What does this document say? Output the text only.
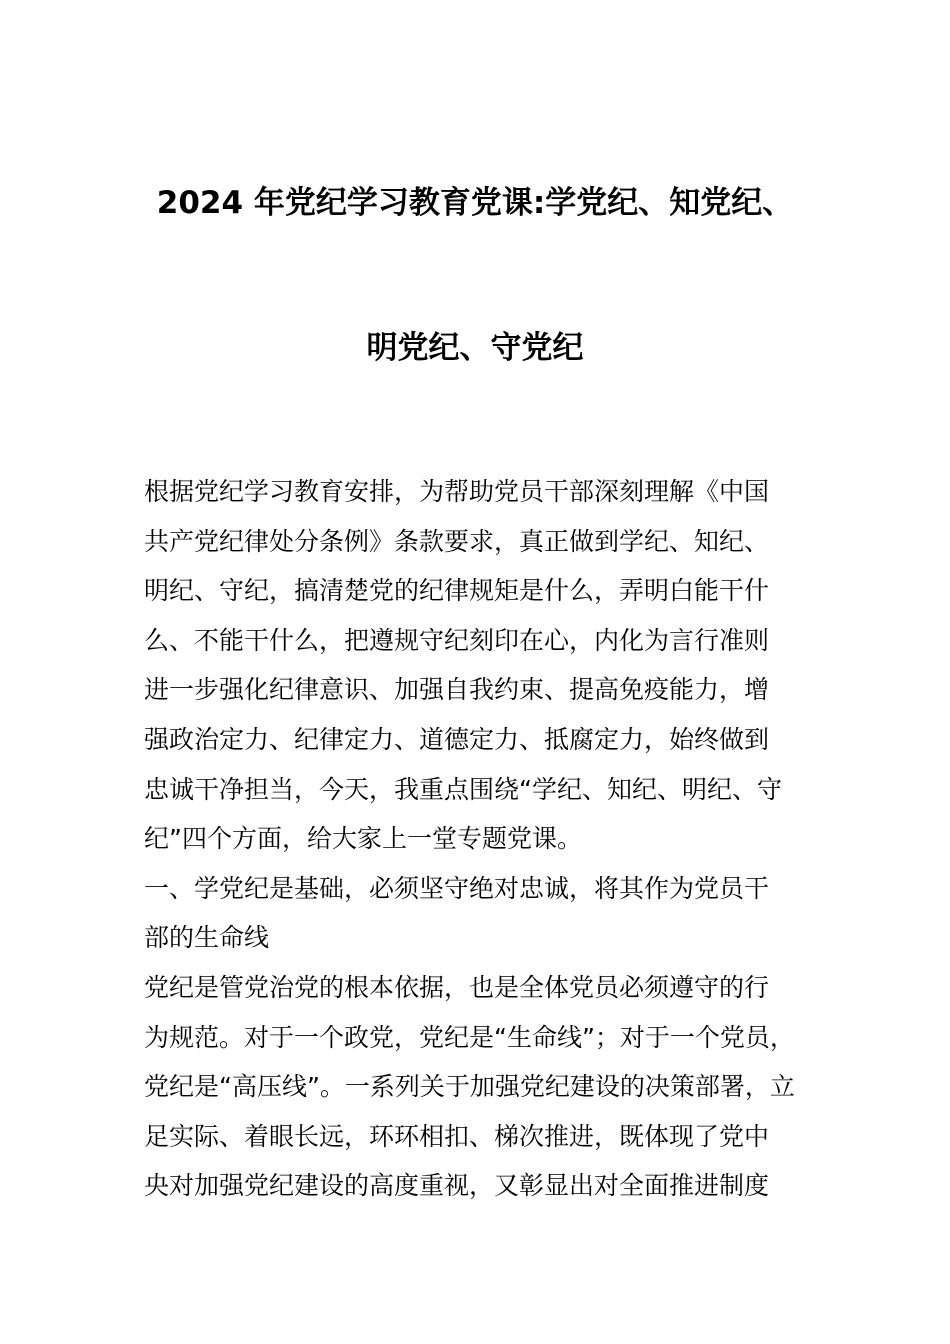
2024 年党纪学习教育党课:学党纪、知党纪、
明党纪、守党纪
根据党纪学习教育安排，为帮助党员干部深刻理解《中国
共产党纪律处分条例》条款要求，真正做到学纪、知纪、
明纪、守纪，搞清楚党的纪律规矩是什么，弄明白能干什
么、不能干什么，把遵规守纪刻印在心，内化为言行准则
进一步强化纪律意识、加强自我约束、提高免疫能力，增
强政治定力、纪律定力、道德定力、抵腐定力，始终做到
忠诚干净担当，今天，我重点围绕“学纪、知纪、明纪、守
纪”四个方面，给大家上一堂专题党课。
一、学党纪是基础，必须坚守绝对忠诚，将其作为党员干
部的生命线
党纪是管党治党的根本依据，也是全体党员必须遵守的行
为规范。对于一个政党，党纪是“生命线”；对于一个党员，
党纪是“高压线”。一系列关于加强党纪建设的决策部署，立
足实际、着眼长远，环环相扣、梯次推进，既体现了党中
央对加强党纪建设的高度重视，又彰显出对全面推进制度
